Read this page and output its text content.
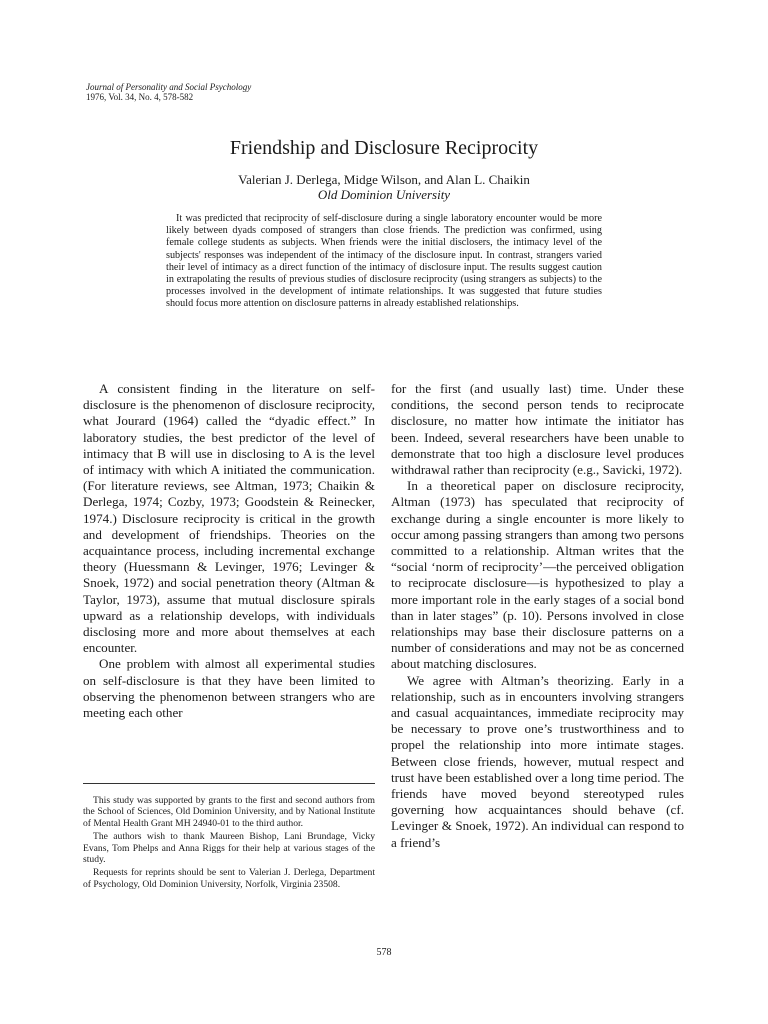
Journal of Personality and Social Psychology
1976, Vol. 34, No. 4, 578-582
Friendship and Disclosure Reciprocity
Valerian J. Derlega, Midge Wilson, and Alan L. Chaikin
Old Dominion University
It was predicted that reciprocity of self-disclosure during a single laboratory encounter would be more likely between dyads composed of strangers than close friends. The prediction was confirmed, using female college students as subjects. When friends were the initial disclosers, the intimacy level of the subjects' responses was independent of the intimacy of the disclosure input. In contrast, strangers varied their level of intimacy as a direct function of the intimacy of disclosure input. The results suggest caution in extrapolating the results of previous studies of disclosure reciprocity (using strangers as subjects) to the processes involved in the development of intimate relationships. It was suggested that future studies should focus more attention on disclosure patterns in already established relationships.

A consistent finding in the literature on self-disclosure is the phenomenon of disclosure reciprocity, what Jourard (1964) called the “dyadic effect.” In laboratory studies, the best predictor of the level of intimacy that B will use in disclosing to A is the level of intimacy with which A initiated the communication. (For literature reviews, see Altman, 1973; Chaikin & Derlega, 1974; Cozby, 1973; Goodstein & Reinecker, 1974.) Disclosure reciprocity is critical in the growth and development of friendships. Theories on the acquaintance process, including incremental exchange theory (Huessmann & Levinger, 1976; Levinger & Snoek, 1972) and social penetration theory (Altman & Taylor, 1973), assume that mutual disclosure spirals upward as a relationship develops, with individuals disclosing more and more about themselves at each encounter.

One problem with almost all experimental studies on self-disclosure is that they have been limited to observing the phenomenon between strangers who are meeting each other

for the first (and usually last) time. Under these conditions, the second person tends to reciprocate disclosure, no matter how intimate the initiator has been. Indeed, several researchers have been unable to demonstrate that too high a disclosure level produces withdrawal rather than reciprocity (e.g., Savicki, 1972).

In a theoretical paper on disclosure reciprocity, Altman (1973) has speculated that reciprocity of exchange during a single encounter is more likely to occur among passing strangers than among two persons committed to a relationship. Altman writes that the “social ‘norm of reciprocity’—the perceived obligation to reciprocate disclosure—is hypothesized to play a more important role in the early stages of a social bond than in later stages” (p. 10). Persons involved in close relationships may base their disclosure patterns on a number of considerations and may not be as concerned about matching disclosures.

We agree with Altman’s theorizing. Early in a relationship, such as in encounters involving strangers and casual acquaintances, immediate reciprocity may be necessary to prove one’s trustworthiness and to propel the relationship into more intimate stages. Between close friends, however, mutual respect and trust have been established over a long time period. The friends have moved beyond stereotyped rules governing how acquaintances should behave (cf. Levinger & Snoek, 1972). An individual can respond to a friend’s

This study was supported by grants to the first and second authors from the School of Sciences, Old Dominion University, and by National Institute of Mental Health Grant MH 24940-01 to the third author.

The authors wish to thank Maureen Bishop, Lani Brundage, Vicky Evans, Tom Phelps and Anna Riggs for their help at various stages of the study.

Requests for reprints should be sent to Valerian J. Derlega, Department of Psychology, Old Dominion University, Norfolk, Virginia 23508.

578
